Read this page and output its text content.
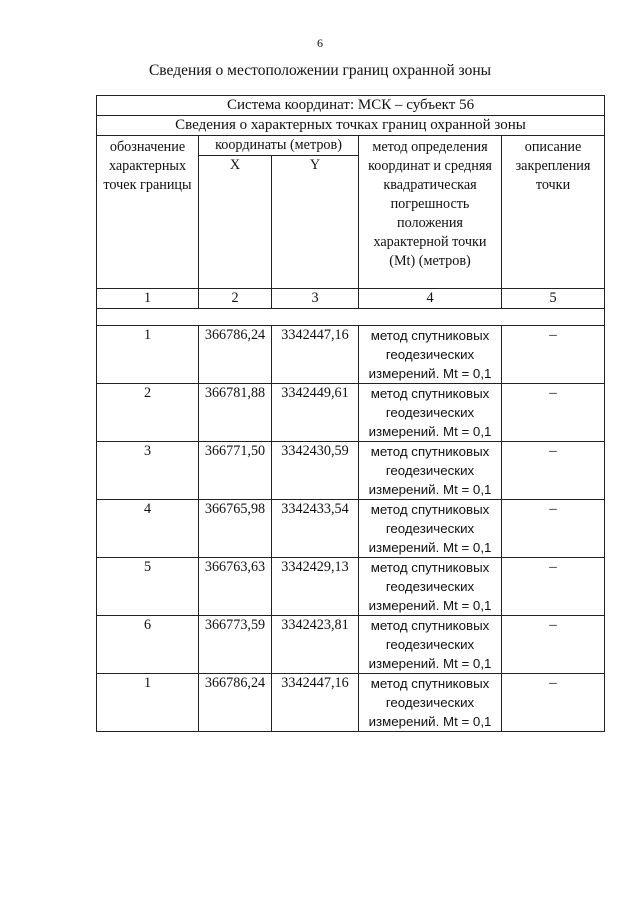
6
Сведения о местоположении границ охранной зоны
Система координат: МСК – субъект 56				
Сведения о характерных точках границ охранной зоны				
обозначение характерных точек границы	координаты (метров)		метод определения координат и средняя квадратическая погрешность положения характерной точки (Mt) (метров)	описание закрепления точки
	X	Y		
1	2	3	4	5

1	366786,24	3342447,16	метод спутниковых
геодезических
измерений. Mt = 0,1	–
2	366781,88	3342449,61	метод спутниковых
геодезических
измерений. Mt = 0,1	–
3	366771,50	3342430,59	метод спутниковых
геодезических
измерений. Mt = 0,1	–
4	366765,98	3342433,54	метод спутниковых
геодезических
измерений. Mt = 0,1	–
5	366763,63	3342429,13	метод спутниковых
геодезических
измерений. Mt = 0,1	–
6	366773,59	3342423,81	метод спутниковых
геодезических
измерений. Mt = 0,1	–
1	366786,24	3342447,16	метод спутниковых
геодезических
измерений. Mt = 0,1	–
